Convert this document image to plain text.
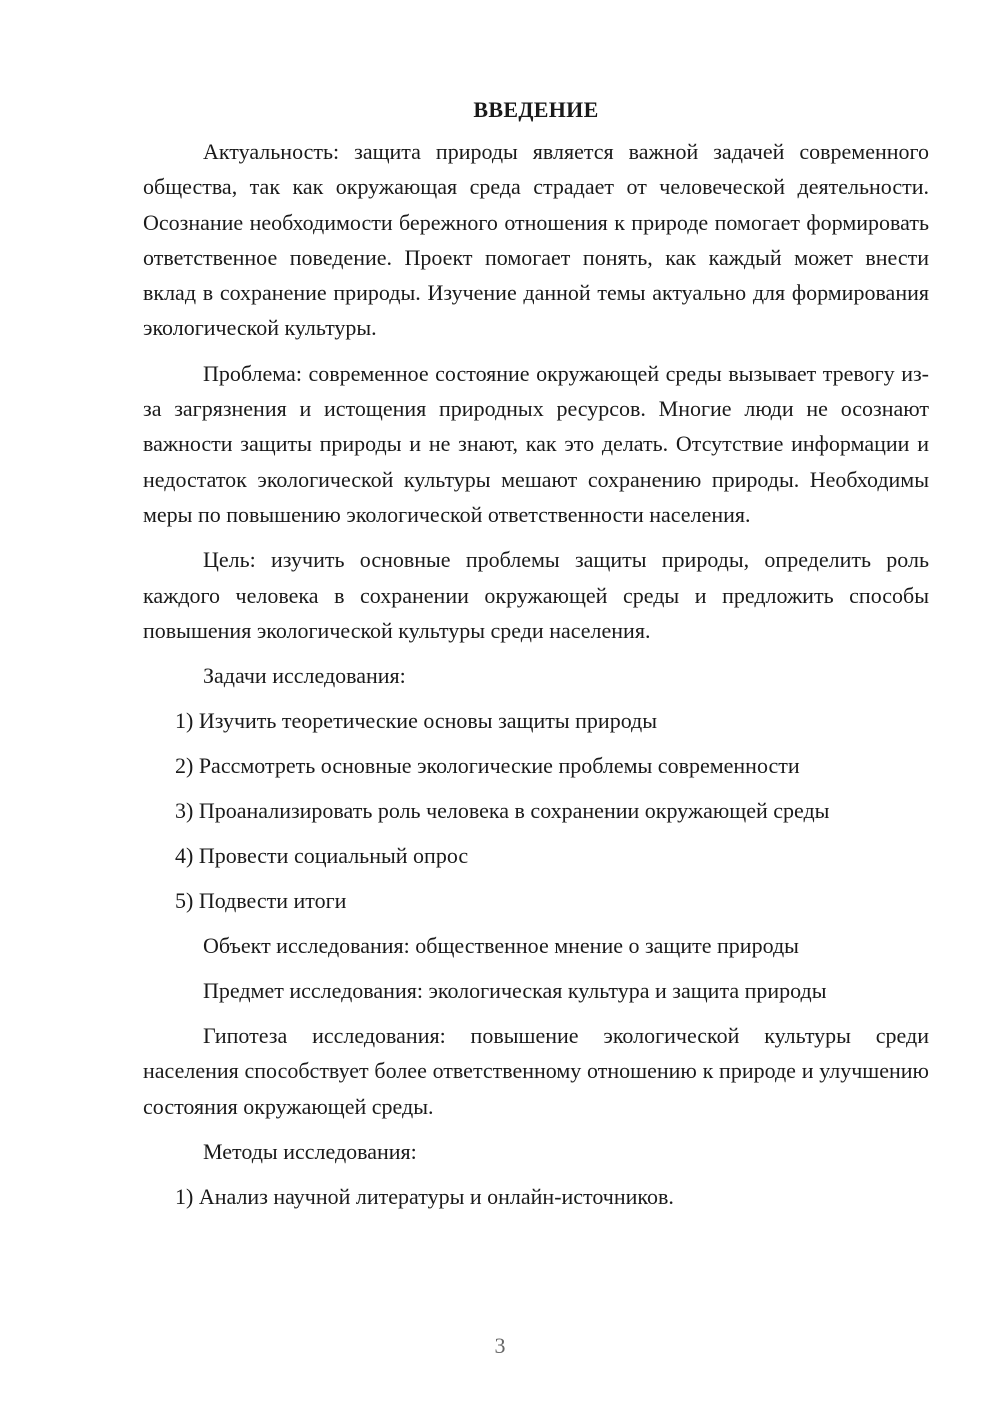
ВВЕДЕНИЕ

Актуальность: защита природы является важной задачей современного общества, так как окружающая среда страдает от человеческой деятельности. Осознание необходимости бережного отношения к природе помогает формировать ответственное поведение. Проект помогает понять, как каждый может внести вклад в сохранение природы. Изучение данной темы актуально для формирования экологической культуры.

Проблема: современное состояние окружающей среды вызывает тревогу из-за загрязнения и истощения природных ресурсов. Многие люди не осознают важности защиты природы и не знают, как это делать. Отсутствие информации и недостаток экологической культуры мешают сохранению природы. Необходимы меры по повышению экологической ответственности населения.

Цель: изучить основные проблемы защиты природы, определить роль каждого человека в сохранении окружающей среды и предложить способы повышения экологической культуры среди населения.

Задачи исследования:
1) Изучить теоретические основы защиты природы
2) Рассмотреть основные экологические проблемы современности
3) Проанализировать роль человека в сохранении окружающей среды
4) Провести социальный опрос
5) Подвести итоги
Объект исследования: общественное мнение о защите природы
Предмет исследования: экологическая культура и защита природы

Гипотеза исследования: повышение экологической культуры среди населения способствует более ответственному отношению к природе и улучшению состояния окружающей среды.

Методы исследования:
1) Анализ научной литературы и онлайн-источников.
3
